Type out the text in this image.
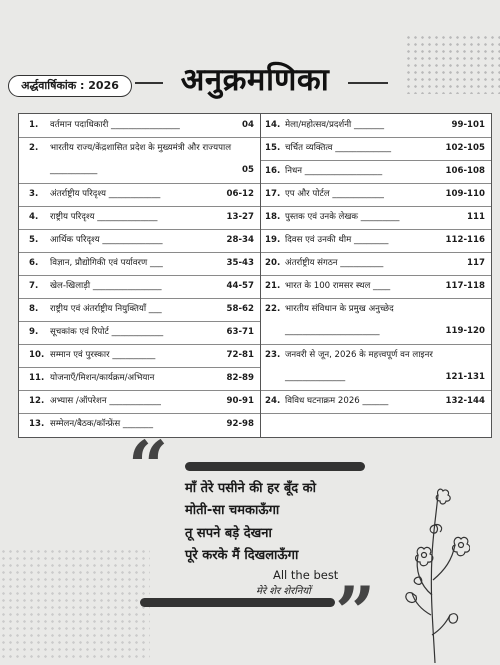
अर्द्धवार्षिकांक : 2026	अनुक्रमणिका
1. वर्तमान पदाधिकारी ________________	04
2. भारतीय राज्य/केंद्रशासित प्रदेश के मुख्यमंत्री और राज्यपाल ___________	05
3. अंतर्राष्ट्रीय परिदृश्य ____________	06-12
4. राष्ट्रीय परिदृश्य ______________	13-27
5. आर्थिक परिदृश्य ______________	28-34
6. विज्ञान, प्रौद्योगिकी एवं पर्यावरण ___	35-43
7. खेल-खिलाड़ी ________________	44-57
8. राष्ट्रीय एवं अंतर्राष्ट्रीय नियुक्तियाँ ___	58-62
9. सूचकांक एवं रिपोर्ट ____________	63-71
10. सम्मान एवं पुरस्कार __________	72-81
11. योजनाएँ/मिशन/कार्यक्रम/अभियान	82-89
12. अभ्यास /ऑपरेशन ____________	90-91
13. सम्मेलन/बैठक/कॉन्फ्रेंस _______	92-98
14. मेला/महोत्सव/प्रदर्शनी _______	99-101
15. चर्चित व्यक्तित्व _____________	102-105
16. निधन __________________	106-108
17. एप और पोर्टल ____________	109-110
18. पुस्तक एवं उनके लेखक _________	111
19. दिवस एवं उनकी थीम ________	112-116
20. अंतर्राष्ट्रीय संगठन __________	117
21. भारत के 100 रामसर स्थल ____	117-118
22. भारतीय संविधान के प्रमुख अनुच्छेद ______________________	119-120
23. जनवरी से जून, 2026 के महत्त्वपूर्ण वन लाइनर ______________	121-131
24. विविध घटनाक्रम 2026 ______	132-144
“ माँ तेरे पसीने की हर बूँद को
मोती-सा चमकाऊँगा
तू सपने बड़े देखना
पूरे करके मैं दिखलाऊँगा
All the best
मेरे शेर शेरनियों ”
